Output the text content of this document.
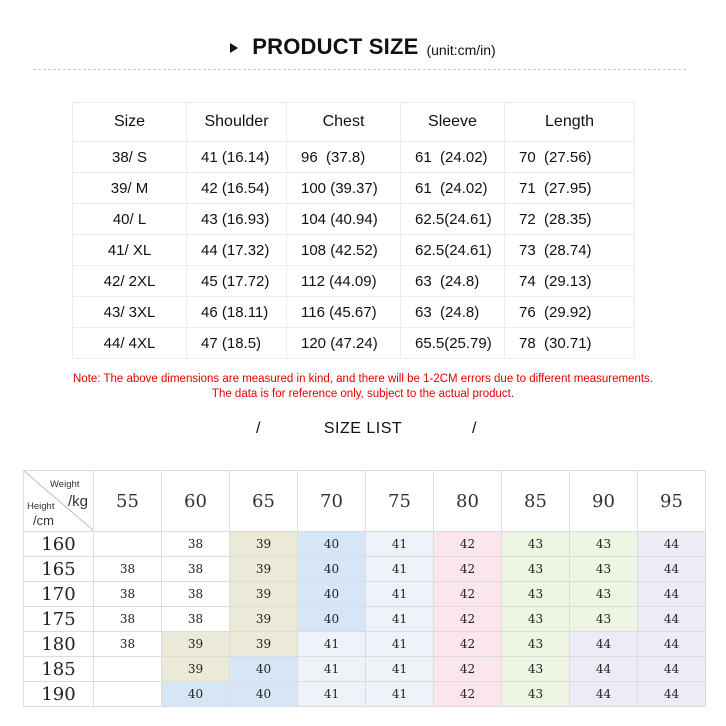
PRODUCT SIZE (unit:cm/in)
Size	Shoulder	Chest	Sleeve	Length
38/ S	41 (16.14)	96  (37.8)	61  (24.02)	70  (27.56)
39/ M	42 (16.54)	100 (39.37)	61  (24.02)	71  (27.95)
40/ L	43 (16.93)	104 (40.94)	62.5(24.61)	72  (28.35)
41/ XL	44 (17.32)	108 (42.52)	62.5(24.61)	73  (28.74)
42/ 2XL	45 (17.72)	112 (44.09)	63  (24.8)	74  (29.13)
43/ 3XL	46 (18.11)	116 (45.67)	63  (24.8)	76  (29.92)
44/ 4XL	47 (18.5)	120 (47.24)	65.5(25.79)	78  (30.71)
Note: The above dimensions are measured in kind, and there will be 1-2CM errors due to different measurements.
The data is for reference only, subject to the actual product.
/	SIZE LIST	/
Weight
/kg
Height
/cm	55	60	65	70	75	80	85	90	95
160		38	39	40	41	42	43	43	44
165	38	38	39	40	41	42	43	43	44
170	38	38	39	40	41	42	43	43	44
175	38	38	39	40	41	42	43	43	44
180	38	39	39	41	41	42	43	44	44
185		39	40	41	41	42	43	44	44
190		40	40	41	41	42	43	44	44
